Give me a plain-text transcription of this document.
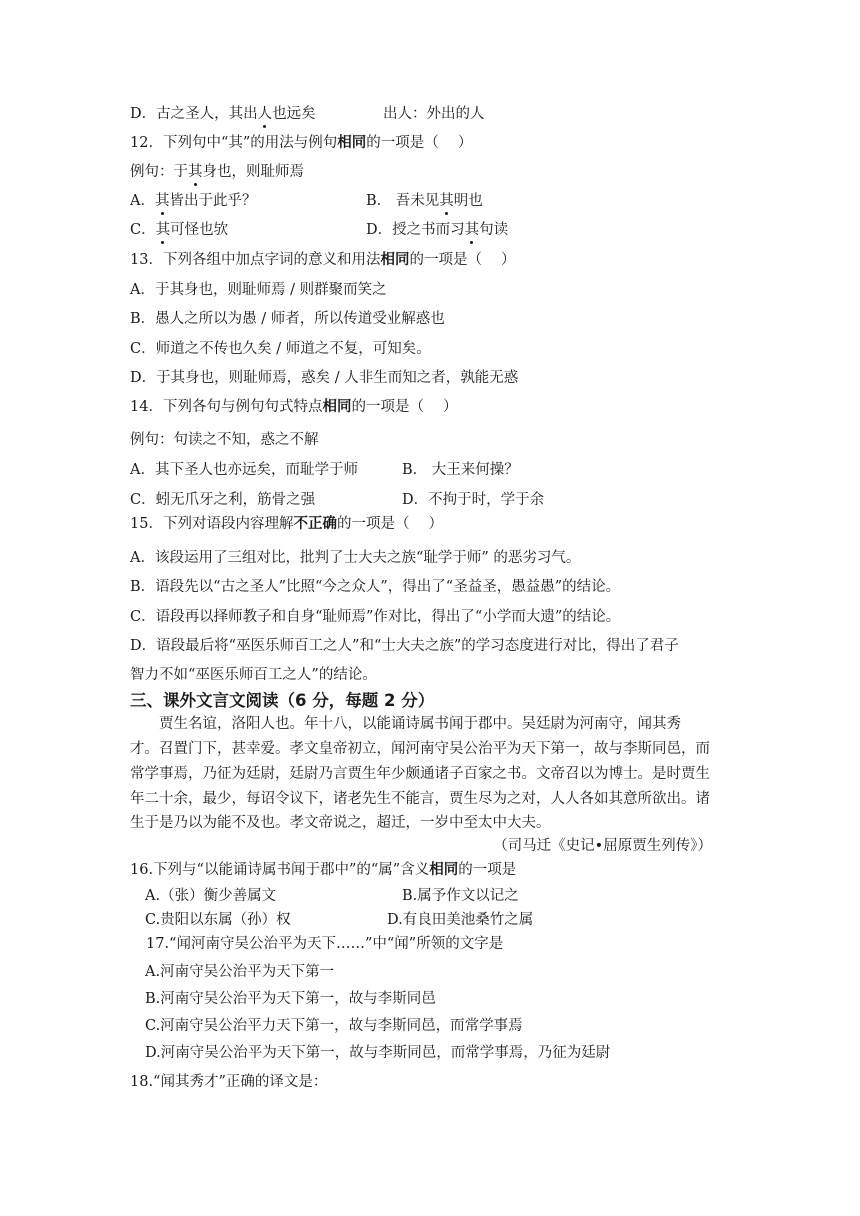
D．古之圣人，其出人也远矣	出人：外出的人
12．下列句中“其”的用法与例句相同的一项是（　 ）
例句：于其身也，则耻师焉
A．其皆出于此乎？	B． 吾未见其明也
C．其可怪也欤	D．授之书而习其句读
13．下列各组中加点字词的意义和用法相同的一项是（　 ）
A．于其身也，则耻师焉 / 则群聚而笑之
B．愚人之所以为愚 / 师者，所以传道受业解惑也
C．师道之不传也久矣 / 师道之不复，可知矣。
D．于其身也，则耻师焉，惑矣 / 人非生而知之者，孰能无惑
14．下列各句与例句句式特点相同的一项是（　 ）
例句：句读之不知，惑之不解
A．其下圣人也亦远矣，而耻学于师	B． 大王来何操？
C．蚓无爪牙之利，筋骨之强	D．不拘于时，学于余
15．下列对语段内容理解不正确的一项是（　 ）
A．该段运用了三组对比，批判了士大夫之族“耻学于师” 的恶劣习气。
B．语段先以“古之圣人”比照“今之众人”，得出了“圣益圣，愚益愚”的结论。
C．语段再以择师教子和自身“耻师焉”作对比，得出了“小学而大遗”的结论。
D．语段最后将“巫医乐师百工之人”和“士大夫之族”的学习态度进行对比，得出了君子
智力不如“巫医乐师百工之人”的结论。
三、课外文言文阅读（6 分，每题 2 分）
　　贾生名谊，洛阳人也。年十八，以能诵诗属书闻于郡中。吴廷尉为河南守，闻其秀
才。召置门下，甚幸爱。孝文皇帝初立，闻河南守吴公治平为天下第一，故与李斯同邑，而
常学事焉，乃征为廷尉，廷尉乃言贾生年少颇通诸子百家之书。文帝召以为博士。是时贾生
年二十余，最少，每诏令议下，诸老先生不能言，贾生尽为之对，人人各如其意所欲出。诸
生于是乃以为能不及也。孝文帝说之，超迁，一岁中至太中大夫。
（司马迁《史记•屈原贾生列传》）
16.下列与“以能诵诗属书闻于郡中”的“属”含义相同的一项是
A.（张）衡少善属文	B.属予作文以记之
C.贵阳以东属（孙）权	D.有良田美池桑竹之属
17.“闻河南守吴公治平为天下……”中“闻”所领的文字是
A.河南守吴公治平为天下第一
B.河南守吴公治平为天下第一，故与李斯同邑
C.河南守吴公治平力天下第一，故与李斯同邑，而常学事焉
D.河南守吴公治平为天下第一，故与李斯同邑，而常学事焉，乃征为廷尉
18.“闻其秀才”正确的译文是：
